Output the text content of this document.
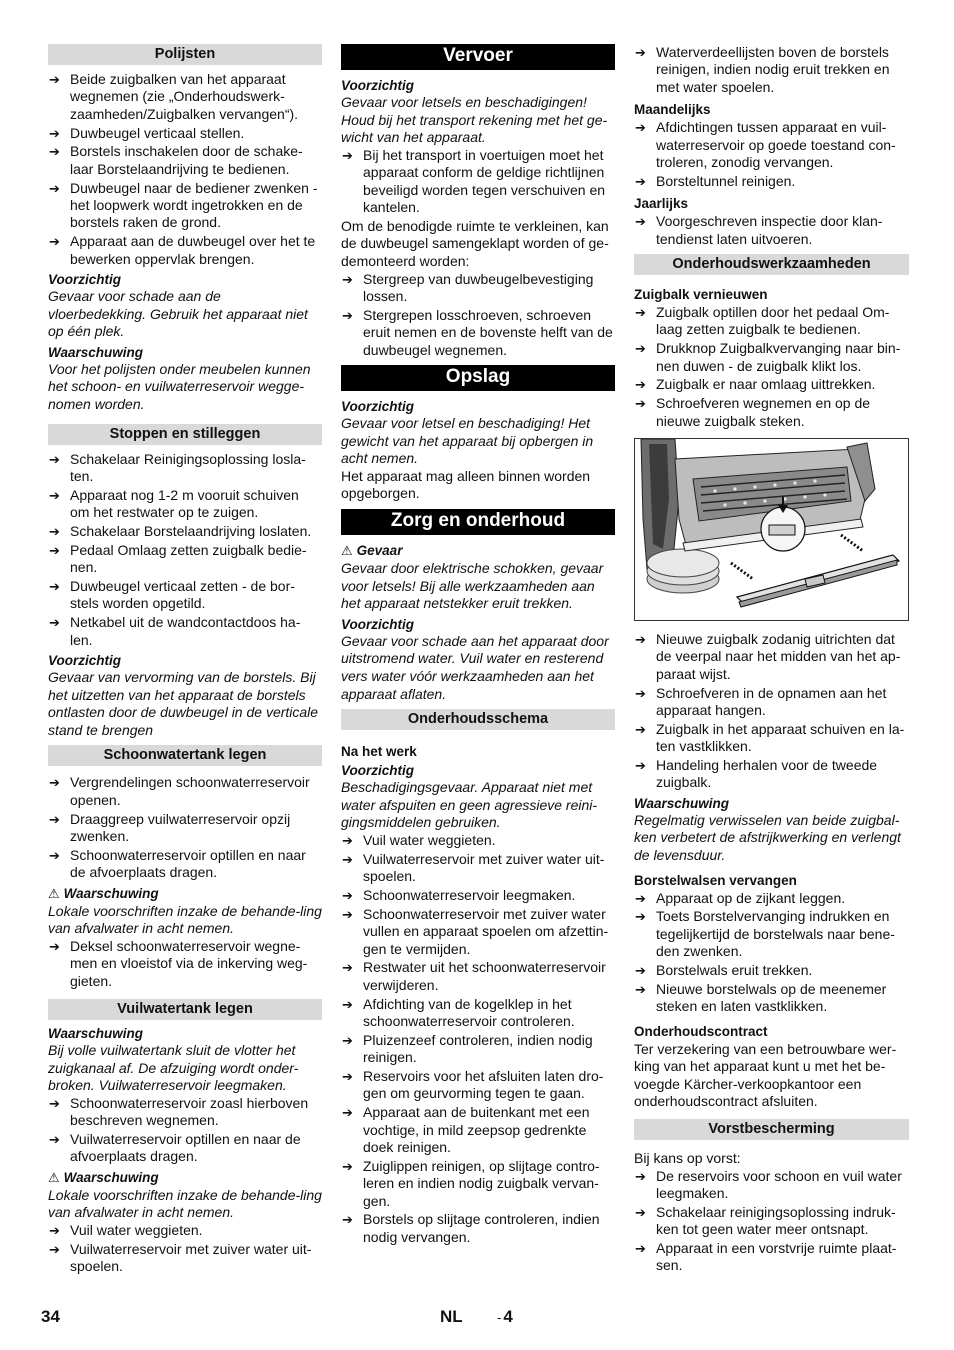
Polijsten
➔ Beide zuigbalken van het apparaat wegnemen (zie „Onderhoudswerk-zaamheden/Zuigbalken vervangen“).
➔ Duwbeugel verticaal stellen.
➔ Borstels inschakelen door de schake-laar Borstelaandrijving te bedienen.
➔ Duwbeugel naar de bediener zwenken - het loopwerk wordt ingetrokken en de borstels raken de grond.
➔ Apparaat aan de duwbeugel over het te bewerken oppervlak brengen.
Voorzichtig

Gevaar voor schade aan de vloerbedekking. Gebruik het apparaat niet op één plek.

Waarschuwing

Voor het polijsten onder meubelen kunnen het schoon- en vuilwaterreservoir wegge-nomen worden.

Stoppen en stilleggen
➔ Schakelaar Reinigingsoplossing losla-ten.
➔ Apparaat nog 1-2 m vooruit schuiven om het restwater op te zuigen.
➔ Schakelaar Borstelaandrijving loslaten.
➔ Pedaal Omlaag zetten zuigbalk bedie-nen.
➔ Duwbeugel verticaal zetten - de bor-stels worden opgetild.
➔ Netkabel uit de wandcontactdoos ha-len.
Voorzichtig

Gevaar van vervorming van de borstels. Bij het uitzetten van het apparaat de borstels ontlasten door de duwbeugel in de verticale stand te brengen

Schoonwatertank legen
➔ Vergrendelingen schoonwaterreservoir openen.
➔ Draaggreep vuilwaterreservoir opzij zwenken.
➔ Schoonwaterreservoir optillen en naar de afvoerplaats dragen.
⚠ Waarschuwing

Lokale voorschriften inzake de behande-ling van afvalwater in acht nemen.

➔ Deksel schoonwaterreservoir wegne-men en vloeistof via de inkerving weg-gieten.
Vuilwatertank legen
Waarschuwing

Bij volle vuilwatertank sluit de vlotter het zuigkanaal af. De afzuiging wordt onder-broken. Vuilwaterreservoir leegmaken.

➔ Schoonwaterreservoir zoasl hierboven beschreven wegnemen.
➔ Vuilwaterreservoir optillen en naar de afvoerplaats dragen.
⚠ Waarschuwing

Lokale voorschriften inzake de behande-ling van afvalwater in acht nemen.

➔ Vuil water weggieten.
➔ Vuilwaterreservoir met zuiver water uit-spoelen.
Vervoer
Voorzichtig

Gevaar voor letsels en beschadigingen! Houd bij het transport rekening met het ge-wicht van het apparaat.

➔ Bij het transport in voertuigen moet het apparaat conform de geldige richtlijnen beveiligd worden tegen verschuiven en kantelen.

Om de benodigde ruimte te verkleinen, kan de duwbeugel samengeklapt worden of ge-demonteerd worden:

➔ Stergreep van duwbeugelbevestiging lossen.
➔ Stergrepen losschroeven, schroeven eruit nemen en de bovenste helft van de duwbeugel wegnemen.
Opslag
Voorzichtig

Gevaar voor letsel en beschadiging! Het gewicht van het apparaat bij opbergen in acht nemen.

Het apparaat mag alleen binnen worden opgeborgen.

Zorg en onderhoud
⚠ Gevaar

Gevaar door elektrische schokken, gevaar voor letsels! Bij alle werkzaamheden aan het apparaat netstekker eruit trekken.

Voorzichtig

Gevaar voor schade aan het apparaat door uitstromend water. Vuil water en resterend vers water vóór werkzaamheden aan het apparaat aflaten.

Onderhoudsschema
Na het werk
Voorzichtig

Beschadigingsgevaar. Apparaat niet met water afspuiten en geen agressieve reini-gingsmiddelen gebruiken.

➔ Vuil water weggieten.
➔ Vuilwaterreservoir met zuiver water uit-spoelen.
➔ Schoonwaterreservoir leegmaken.
➔ Schoonwaterreservoir met zuiver water vullen en apparaat spoelen om afzettin-gen te vermijden.
➔ Restwater uit het schoonwaterreservoir verwijderen.
➔ Afdichting van de kogelklep in het schoonwaterreservoir controleren.
➔ Pluizenzeef controleren, indien nodig reinigen.
➔ Reservoirs voor het afsluiten laten dro-gen om geurvorming tegen te gaan.
➔ Apparaat aan de buitenkant met een vochtige, in mild zeepsop gedrenkte doek reinigen.
➔ Zuiglippen reinigen, op slijtage contro-leren en indien nodig zuigbalk vervan-gen.
➔ Borstels op slijtage controleren, indien nodig vervangen.
➔ Waterverdeellijsten boven de borstels reinigen, indien nodig eruit trekken en met water spoelen.
Maandelijks
➔ Afdichtingen tussen apparaat en vuil-waterreservoir op goede toestand con-troleren, zonodig vervangen.
➔ Borsteltunnel reinigen.
Jaarlijks
➔ Voorgeschreven inspectie door klan-tendienst laten uitvoeren.
Onderhoudswerkzaamheden
Zuigbalk vernieuwen
➔ Zuigbalk optillen door het pedaal Om-laag zetten zuigbalk te bedienen.
➔ Drukknop Zuigbalkvervanging naar bin-nen duwen - de zuigbalk klikt los.
➔ Zuigbalk er naar omlaag uittrekken.
➔ Schroefveren wegnemen en op de nieuwe zuigbalk steken.
➔ Nieuwe zuigbalk zodanig uitrichten dat de veerpal naar het midden van het ap-paraat wijst.
➔ Schroefveren in de opnamen aan het apparaat hangen.
➔ Zuigbalk in het apparaat schuiven en la-ten vastklikken.
➔ Handeling herhalen voor de tweede zuigbalk.
Waarschuwing

Regelmatig verwisselen van beide zuigbal-ken verbetert de afstrijkwerking en verlengt de levensduur.

Borstelwalsen vervangen
➔ Apparaat op de zijkant leggen.
➔ Toets Borstelvervanging indrukken en tegelijkertijd de borstelwals naar bene-den zwenken.
➔ Borstelwals eruit trekken.
➔ Nieuwe borstelwals op de meenemer steken en laten vastklikken.
Onderhoudscontract

Ter verzekering van een betrouwbare wer-king van het apparaat kunt u met het be-voegde Kärcher-verkoopkantoor een onderhoudscontract afsluiten.

Vorstbescherming

Bij kans op vorst:

➔ De reservoirs voor schoon en vuil water leegmaken.
➔ Schakelaar reinigingsoplossing indruk-ken tot geen water meer ontsnapt.
➔ Apparaat in een vorstvrije ruimte plaat-sen.
34	NL	- 4
